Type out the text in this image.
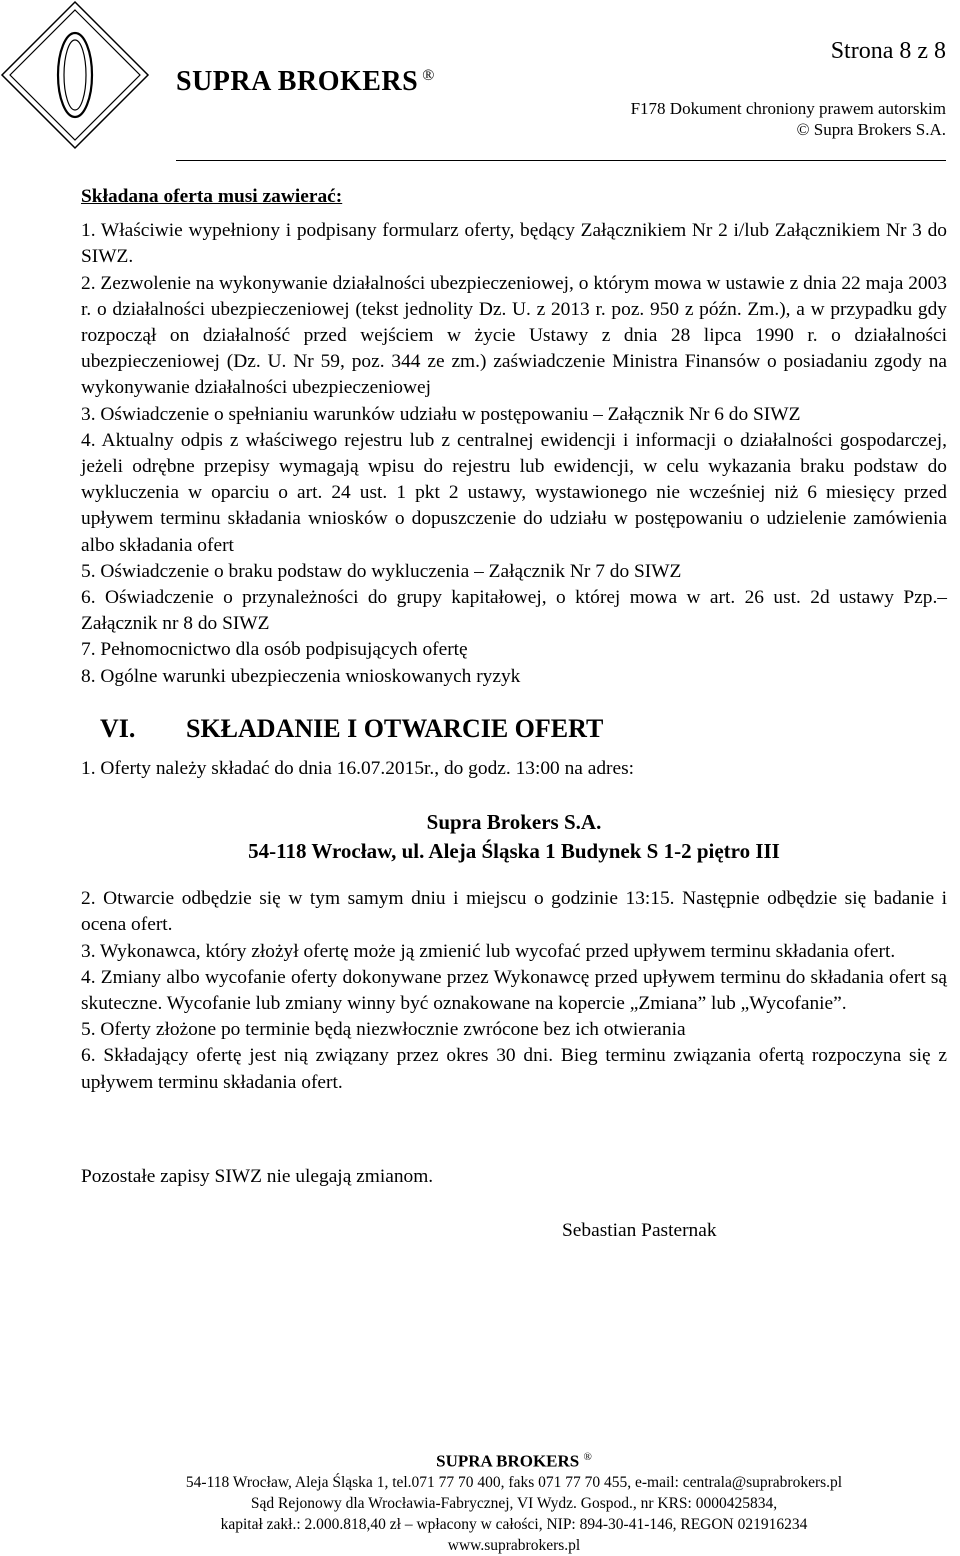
SUPRA BROKERS ®
Strona 8 z 8
F178 Dokument chroniony prawem autorskim
© Supra Brokers S.A.

Składana oferta musi zawierać:

1. Właściwie wypełniony i podpisany formularz oferty, będący Załącznikiem Nr 2 i/lub Załącznikiem Nr 3 do SIWZ.

2. Zezwolenie na wykonywanie działalności ubezpieczeniowej, o którym mowa w ustawie z dnia 22 maja 2003 r. o działalności ubezpieczeniowej (tekst jednolity Dz. U. z 2013 r. poz. 950 z późn. Zm.), a w przypadku gdy rozpoczął on działalność przed wejściem w życie Ustawy z dnia 28 lipca 1990 r. o działalności ubezpieczeniowej (Dz. U. Nr 59, poz. 344 ze zm.) zaświadczenie Ministra Finansów o posiadaniu zgody na wykonywanie działalności ubezpieczeniowej

3. Oświadczenie o spełnianiu warunków udziału w postępowaniu – Załącznik Nr 6 do SIWZ

4. Aktualny odpis z właściwego rejestru lub z centralnej ewidencji i informacji o działalności gospodarczej, jeżeli odrębne przepisy wymagają wpisu do rejestru lub ewidencji, w celu wykazania braku podstaw do wykluczenia w oparciu o art. 24 ust. 1 pkt 2 ustawy, wystawionego nie wcześniej niż 6 miesięcy przed upływem terminu składania wniosków o dopuszczenie do udziału w postępowaniu o udzielenie zamówienia albo składania ofert

5. Oświadczenie o braku podstaw do wykluczenia – Załącznik Nr 7 do SIWZ

6. Oświadczenie o przynależności do grupy kapitałowej, o której mowa w art. 26 ust. 2d ustawy Pzp.– Załącznik nr 8 do SIWZ

7. Pełnomocnictwo dla osób podpisujących ofertę

8. Ogólne warunki ubezpieczenia wnioskowanych ryzyk

VI. SKŁADANIE I OTWARCIE OFERT

1. Oferty należy składać do dnia 16.07.2015r., do godz. 13:00 na adres:

Supra Brokers S.A.

54-118 Wrocław, ul. Aleja Śląska 1 Budynek S 1-2 piętro III

2. Otwarcie odbędzie się w tym samym dniu i miejscu o godzinie 13:15. Następnie odbędzie się badanie i ocena ofert.

3. Wykonawca, który złożył ofertę może ją zmienić lub wycofać przed upływem terminu składania ofert.

4. Zmiany albo wycofanie oferty dokonywane przez Wykonawcę przed upływem terminu do składania ofert są skuteczne. Wycofanie lub zmiany winny być oznakowane na kopercie „Zmiana” lub „Wycofanie”.

5. Oferty złożone po terminie będą niezwłocznie zwrócone bez ich otwierania

6. Składający ofertę jest nią związany przez okres 30 dni. Bieg terminu związania ofertą rozpoczyna się z upływem terminu składania ofert.

Pozostałe zapisy SIWZ nie ulegają zmianom.

Sebastian Pasternak

SUPRA BROKERS ®
54-118 Wrocław, Aleja Śląska 1, tel.071 77 70 400, faks 071 77 70 455, e-mail: centrala@suprabrokers.pl
Sąd Rejonowy dla Wrocławia-Fabrycznej, VI Wydz. Gospod., nr KRS: 0000425834,
kapitał zakł.: 2.000.818,40 zł – wpłacony w całości, NIP: 894-30-41-146, REGON 021916234
www.suprabrokers.pl
